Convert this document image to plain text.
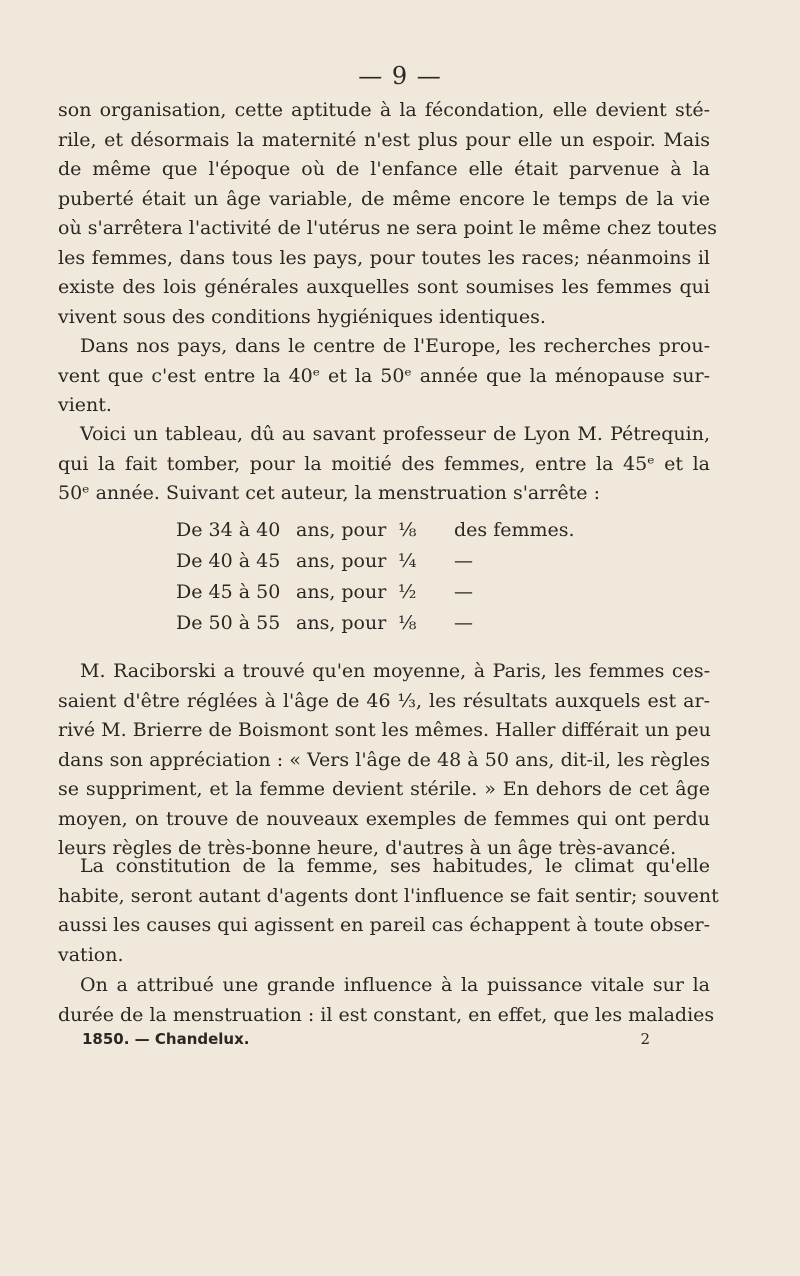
— 9 —
son organisation, cette aptitude à la fécondation, elle devient sté-
rile, et désormais la maternité n'est plus pour elle un espoir. Mais
de même que l'époque où de l'enfance elle était parvenue à la
puberté était un âge variable, de même encore le temps de la vie
où s'arrêtera l'activité de l'utérus ne sera point le même chez toutes
les femmes, dans tous les pays, pour toutes les races; néanmoins il
existe des lois générales auxquelles sont soumises les femmes qui
vivent sous des conditions hygiéniques identiques.
Dans nos pays, dans le centre de l'Europe, les recherches prou-
vent que c'est entre la 40ᵉ et la 50ᵉ année que la ménopause sur-
vient.
Voici un tableau, dû au savant professeur de Lyon M. Pétrequin,
qui la fait tomber, pour la moitié des femmes, entre la 45ᵉ et la
50ᵉ année. Suivant cet auteur, la menstruation s'arrête :
De 34 à 40 ans, pour ⅛	des femmes.
De 40 à 45 ans, pour ¼	—
De 45 à 50 ans, pour ½	—
De 50 à 55 ans, pour ⅛	—
M. Raciborski a trouvé qu'en moyenne, à Paris, les femmes ces-
saient d'être réglées à l'âge de 46 ⅓, les résultats auxquels est ar-
rivé M. Brierre de Boismont sont les mêmes. Haller différait un peu
dans son appréciation : « Vers l'âge de 48 à 50 ans, dit-il, les règles
se suppriment, et la femme devient stérile. » En dehors de cet âge
moyen, on trouve de nouveaux exemples de femmes qui ont perdu
leurs règles de très-bonne heure, d'autres à un âge très-avancé.
La constitution de la femme, ses habitudes, le climat qu'elle
habite, seront autant d'agents dont l'influence se fait sentir; souvent
aussi les causes qui agissent en pareil cas échappent à toute obser-
vation.
On a attribué une grande influence à la puissance vitale sur la
durée de la menstruation : il est constant, en effet, que les maladies
1850. — Chandelux.	2
